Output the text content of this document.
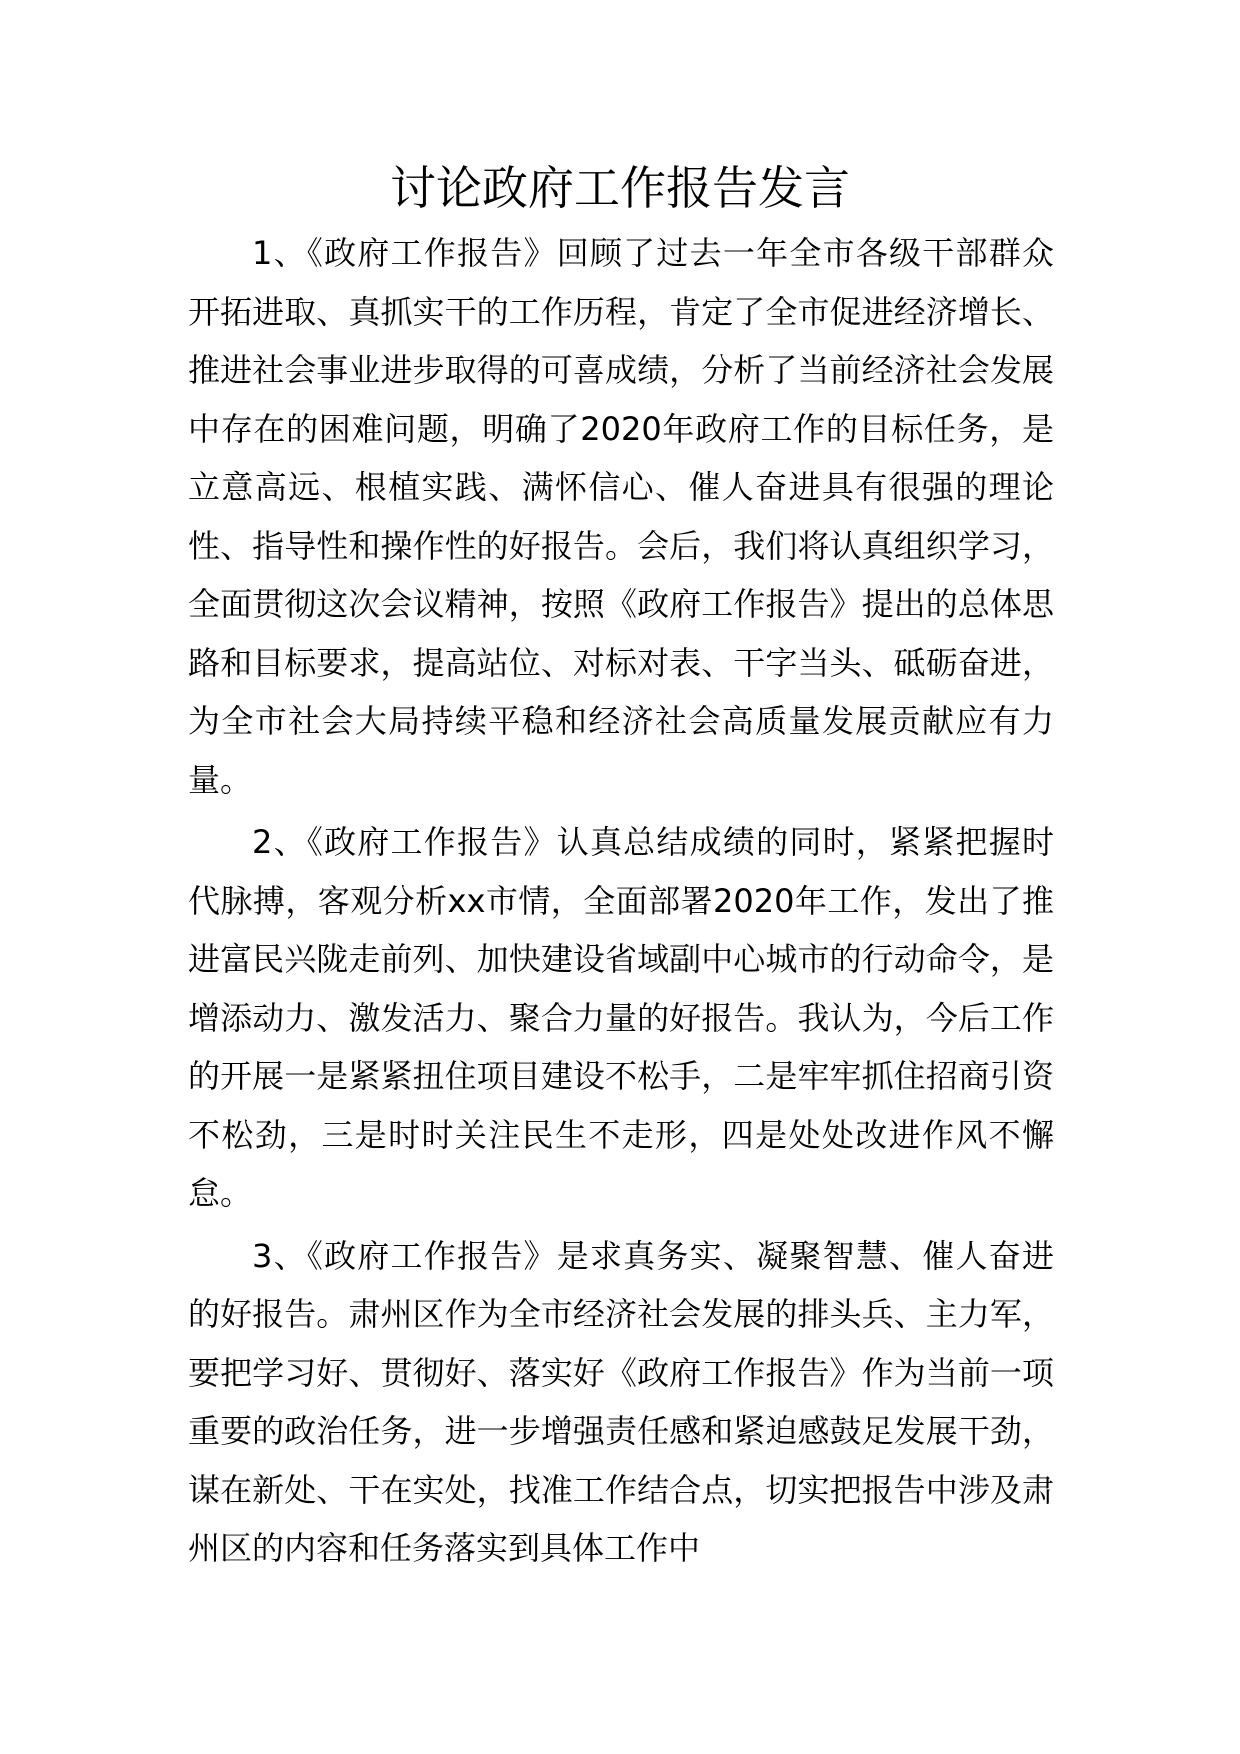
讨论政府工作报告发言

1、《政府工作报告》回顾了过去一年全市各级干部群众开拓进取、真抓实干的工作历程，肯定了全市促进经济增长、推进社会事业进步取得的可喜成绩，分析了当前经济社会发展中存在的困难问题，明确了2020年政府工作的目标任务，是立意高远、根植实践、满怀信心、催人奋进具有很强的理论性、指导性和操作性的好报告。会后，我们将认真组织学习，全面贯彻这次会议精神，按照《政府工作报告》提出的总体思路和目标要求，提高站位、对标对表、干字当头、砥砺奋进，为全市社会大局持续平稳和经济社会高质量发展贡献应有力量。

2、《政府工作报告》认真总结成绩的同时，紧紧把握时代脉搏，客观分析xx市情，全面部署2020年工作，发出了推进富民兴陇走前列、加快建设省域副中心城市的行动命令，是增添动力、激发活力、聚合力量的好报告。我认为，今后工作的开展一是紧紧扭住项目建设不松手，二是牢牢抓住招商引资不松劲，三是时时关注民生不走形，四是处处改进作风不懈怠。

3、《政府工作报告》是求真务实、凝聚智慧、催人奋进的好报告。肃州区作为全市经济社会发展的排头兵、主力军，要把学习好、贯彻好、落实好《政府工作报告》作为当前一项重要的政治任务，进一步增强责任感和紧迫感鼓足发展干劲，谋在新处、干在实处，找准工作结合点，切实把报告中涉及肃州区的内容和任务落实到具体工作中
